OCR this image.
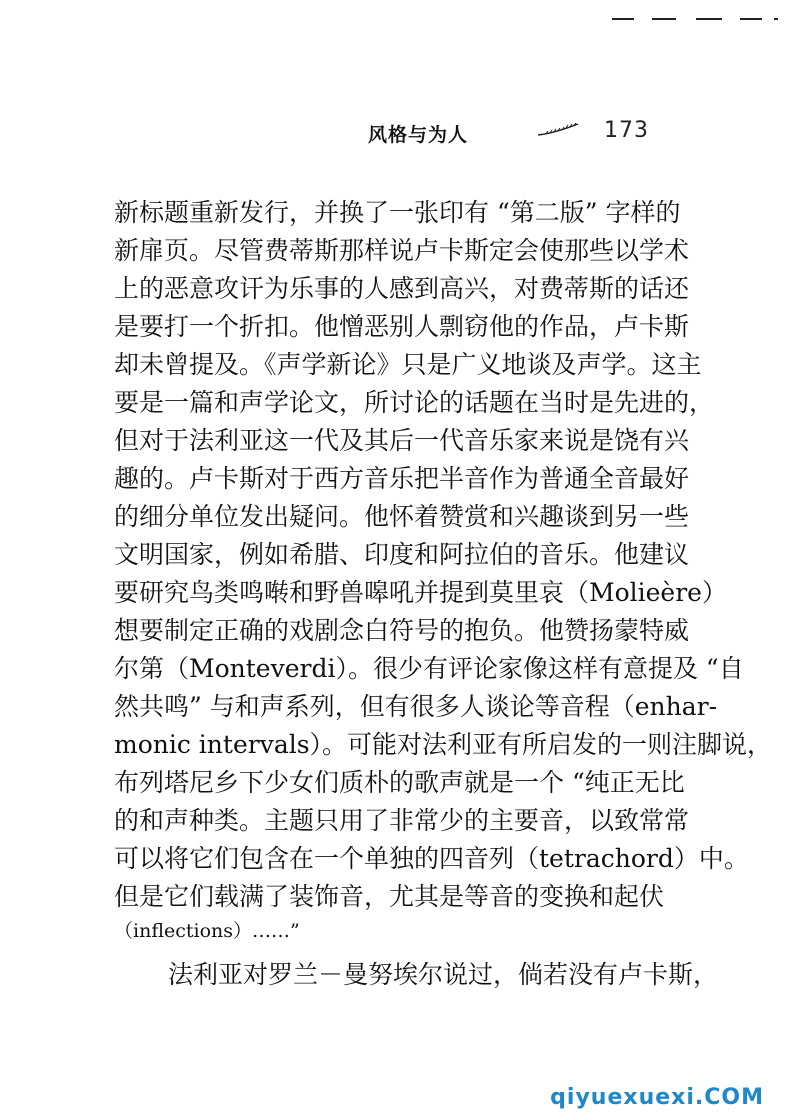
风格与为人	173
新标题重新发行，并换了一张印有 “第二版” 字样的
新扉页。尽管费蒂斯那样说卢卡斯定会使那些以学术
上的恶意攻讦为乐事的人感到高兴，对费蒂斯的话还
是要打一个折扣。他憎恶别人剽窃他的作品，卢卡斯
却未曾提及。《声学新论》只是广义地谈及声学。这主
要是一篇和声学论文，所讨论的话题在当时是先进的，
但对于法利亚这一代及其后一代音乐家来说是饶有兴
趣的。卢卡斯对于西方音乐把半音作为普通全音最好
的细分单位发出疑问。他怀着赞赏和兴趣谈到另一些
文明国家，例如希腊、印度和阿拉伯的音乐。他建议
要研究鸟类鸣啭和野兽嗥吼并提到莫里哀（Molieère）
想要制定正确的戏剧念白符号的抱负。他赞扬蒙特威
尔第（Monteverdi）。很少有评论家像这样有意提及 “自
然共鸣” 与和声系列，但有很多人谈论等音程（enhar-
monic intervals）。可能对法利亚有所启发的一则注脚说，
布列塔尼乡下少女们质朴的歌声就是一个 “纯正无比
的和声种类。主题只用了非常少的主要音，以致常常
可以将它们包含在一个单独的四音列（tetrachord）中。
但是它们载满了装饰音，尤其是等音的变换和起伏
（inflections）……”
法利亚对罗兰－曼努埃尔说过，倘若没有卢卡斯，
qiyuexuexi.COM
